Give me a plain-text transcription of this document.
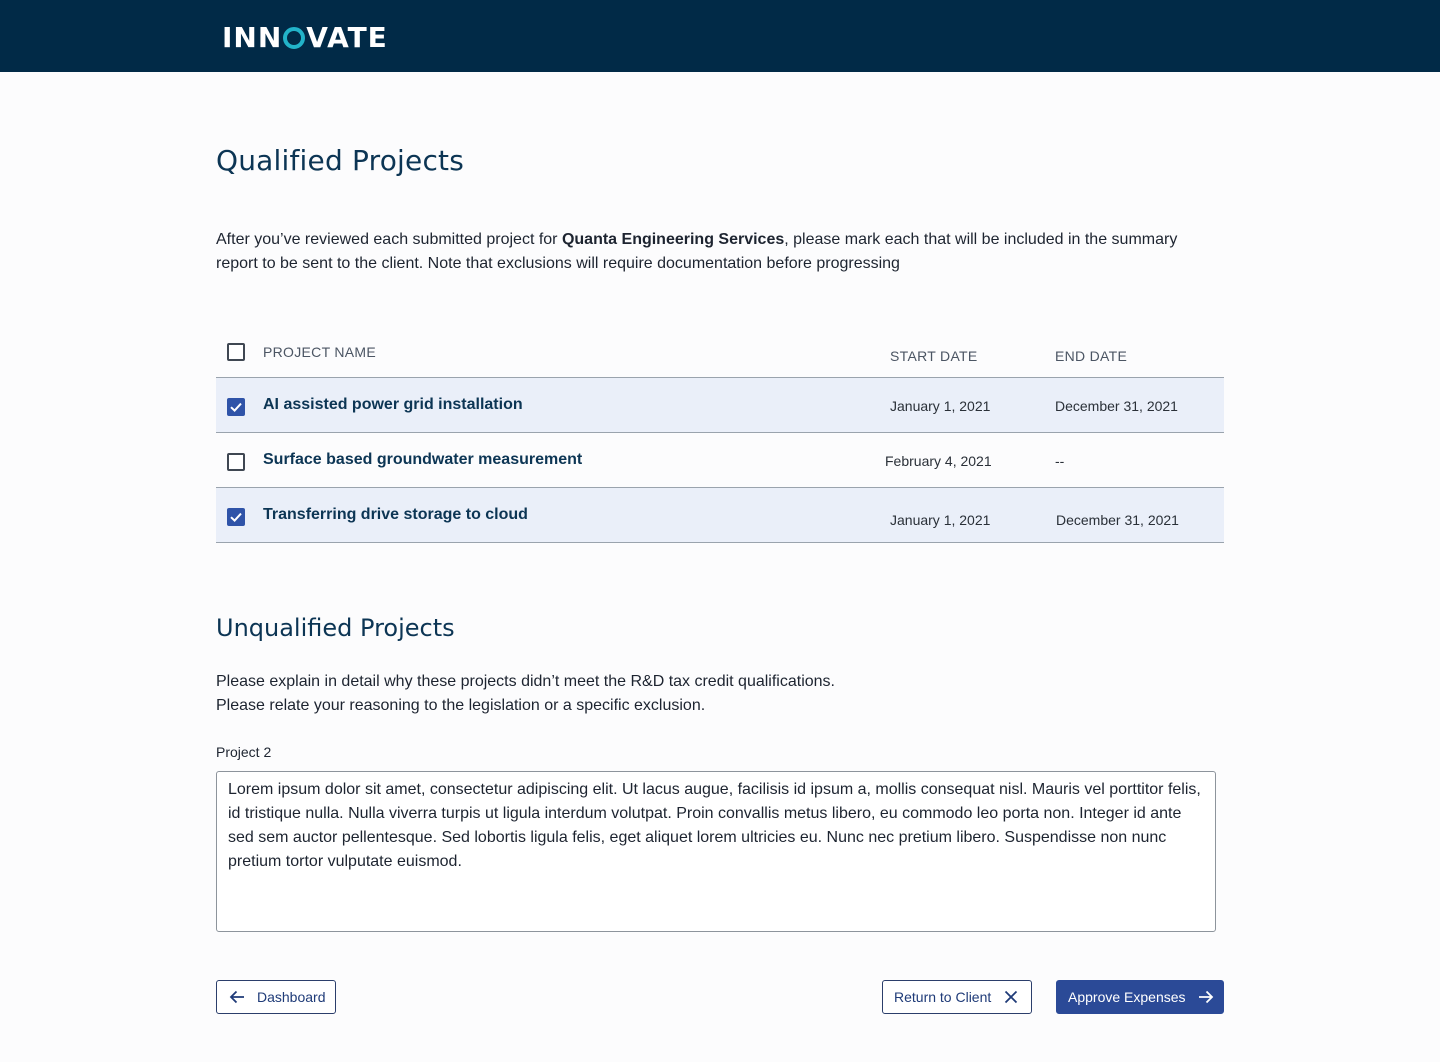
INN VATE
Qualified Projects

After you’ve reviewed each submitted project for Quanta Engineering Services, please mark each that will be included in the summary report to be sent to the client. Note that exclusions will require documentation before progressing

PROJECT NAME	START DATE	END DATE
AI assisted power grid installation	January 1, 2021	December 31, 2021
Surface based groundwater measurement	February 4, 2021	--
Transferring drive storage to cloud	January 1, 2021	December 31, 2021
Unqualified Projects
Please explain in detail why these projects didn’t meet the R&D tax credit qualifications.
Please relate your reasoning to the legislation or a specific exclusion.
Project 2
Lorem ipsum dolor sit amet, consectetur adipiscing elit. Ut lacus augue, facilisis id ipsum a, mollis consequat nisl. Mauris vel porttitor felis, id tristique nulla. Nulla viverra turpis ut ligula interdum volutpat. Proin convallis metus libero, eu commodo leo porta non. Integer id ante sed sem auctor pellentesque. Sed lobortis ligula felis, eget aliquet lorem ultricies eu. Nunc nec pretium libero. Suspendisse non nunc pretium tortor vulputate euismod.
Dashboard	Return to Client	Approve Expenses
